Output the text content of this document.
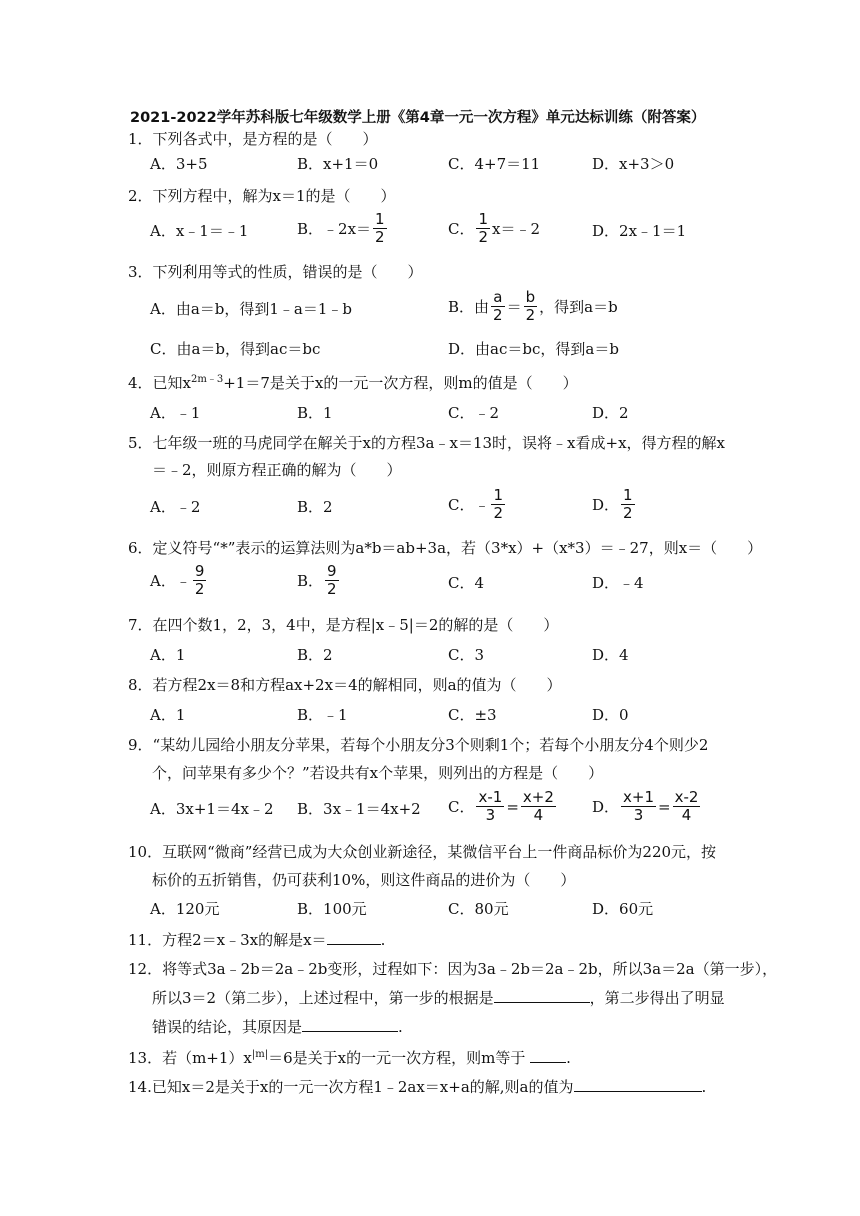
2021-2022学年苏科版七年级数学上册《第4章一元一次方程》单元达标训练（附答案）
1．下列各式中，是方程的是（　　）
A．3+5	B．x+1＝0	C．4+7＝11	D．x+3＞0
2．下列方程中，解为x＝1的是（　　）
A．x﹣1＝﹣1	B．﹣2x＝ $\frac{1}{2}$	C． $\frac{1}{2}$ x＝﹣2	D．2x﹣1＝1
3．下列利用等式的性质，错误的是（　　）
A．由a＝b，得到1﹣a＝1﹣b	B．由 $\frac{a}{2} = \frac{b}{2}$ ，得到a＝b
C．由a＝b，得到ac＝bc	D．由ac＝bc，得到a＝b
4．已知$x^{2m﹣3}+1=7$是关于x的一元一次方程，则m的值是（　　）
A．﹣1	B．1	C．﹣2	D．2
5．七年级一班的马虎同学在解关于x的方程3a﹣x＝13时，误将﹣x看成+x，得方程的解x
＝﹣2，则原方程正确的解为（　　）
A．﹣2	B．2	C．﹣ $\frac{1}{2}$	D． $\frac{1}{2}$
6．定义符号“*”表示的运算法则为a*b＝ab+3a，若（3*x）+（x*3）＝﹣27，则x＝（　　）
A．﹣ $\frac{9}{2}$	B． $\frac{9}{2}$	C．4	D．﹣4
7．在四个数1，2，3，4中，是方程|x﹣5|＝2的解的是（　　）
A．1	B．2	C．3	D．4
8．若方程2x＝8和方程ax+2x＝4的解相同，则a的值为（　　）
A．1	B．﹣1	C．±3	D．0
9．“某幼儿园给小朋友分苹果，若每个小朋友分3个则剩1个；若每个小朋友分4个则少2
个，问苹果有多少个？”若设共有x个苹果，则列出的方程是（　　）
A．3x+1＝4x﹣2 B．3x﹣1＝4x+2 C． $\frac{x-1}{3} = \frac{x+2}{4}$ D． $\frac{x+1}{3} = \frac{x-2}{4}$
10．互联网“微商”经营已成为大众创业新途径，某微信平台上一件商品标价为220元，按
标价的五折销售，仍可获利10%，则这件商品的进价为（　　）
A．120元	B．100元	C．80元	D．60元
11．方程2＝x﹣3x的解是x＝	.
12．将等式3a﹣2b＝2a﹣2b变形，过程如下：因为3a﹣2b＝2a﹣2b，所以3a＝2a（第一步），
所以3＝2（第二步），上述过程中，第一步的根据是	，第二步得出了明显
错误的结论，其原因是	.
13．若$(m+1)x^{|m|}=6$是关于x的一元一次方程，则m等于	.
14.已知x＝2是关于x的一元一次方程1﹣2ax＝x+a的解,则a的值为	.
